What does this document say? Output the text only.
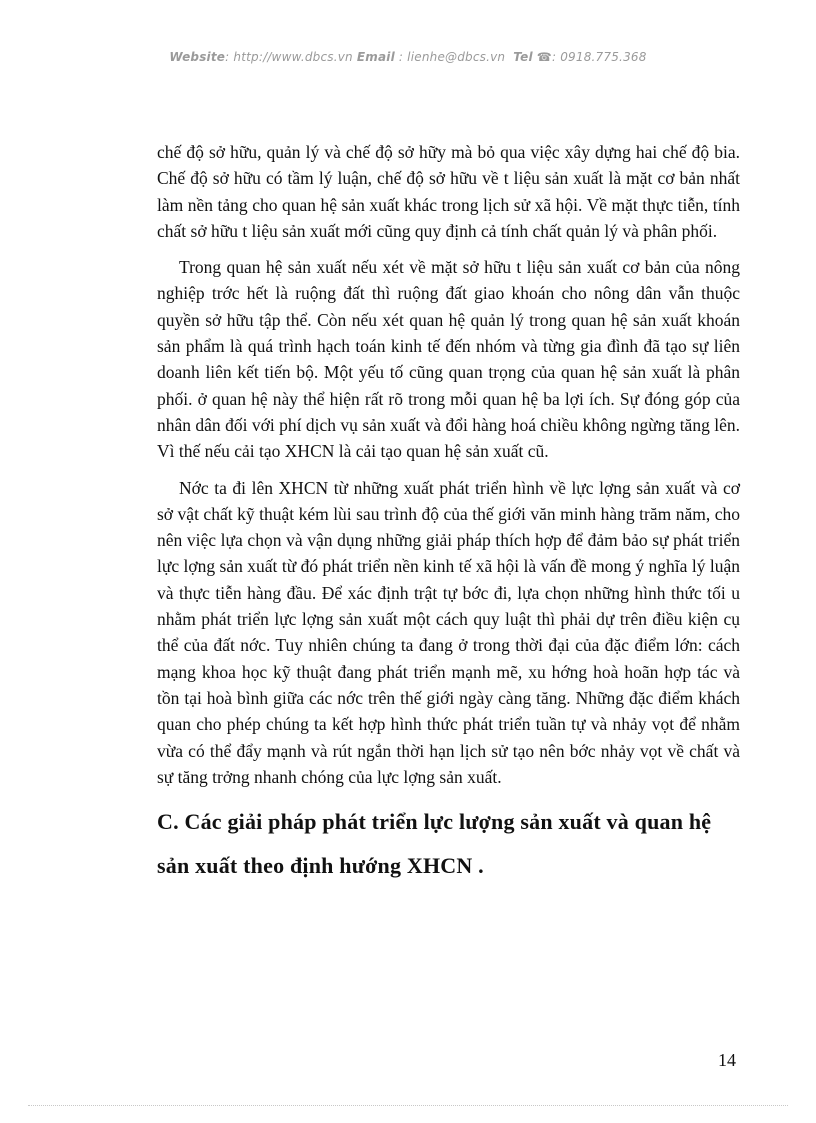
Website: http://www.dbcs.vn Email : lienhe@dbcs.vn Tel ☎: 0918.775.368

chế độ sở hữu, quản lý và chế độ sở hữy mà bỏ qua việc xây dựng hai chế độ bia. Chế độ sở hữu có tầm lý luận, chế độ sở hữu về t liệu sản xuất là mặt cơ bản nhất làm nền tảng cho quan hệ sản xuất khác trong lịch sử xã hội. Về mặt thực tiễn, tính chất sở hữu t liệu sản xuất mới cũng quy định cả tính chất quản lý và phân phối.

Trong quan hệ sản xuất nếu xét về mặt sở hữu t liệu sản xuất cơ bản của nông nghiệp trớc hết là ruộng đất thì ruộng đất giao khoán cho nông dân vẫn thuộc quyền sở hữu tập thể. Còn nếu xét quan hệ quản lý trong quan hệ sản xuất khoán sản phẩm là quá trình hạch toán kinh tế đến nhóm và từng gia đình đã tạo sự liên doanh liên kết tiến bộ. Một yếu tố cũng quan trọng của quan hệ sản xuất là phân phối. ở quan hệ này thể hiện rất rõ trong mỗi quan hệ ba lợi ích. Sự đóng góp của nhân dân đối với phí dịch vụ sản xuất và đổi hàng hoá chiều không ngừng tăng lên. Vì thế nếu cải tạo XHCN là cải tạo quan hệ sản xuất cũ.

Nớc ta đi lên XHCN từ những xuất phát triển hình về lực lợng sản xuất và cơ sở vật chất kỹ thuật kém lùi sau trình độ của thế giới văn minh hàng trăm năm, cho nên việc lựa chọn và vận dụng những giải pháp thích hợp để đảm bảo sự phát triển lực lợng sản xuất từ đó phát triển nền kinh tế xã hội là vấn đề mong ý nghĩa lý luận và thực tiễn hàng đầu. Để xác định trật tự bớc đi, lựa chọn những hình thức tối u nhằm phát triển lực lợng sản xuất một cách quy luật thì phải dự trên điều kiện cụ thể của đất nớc. Tuy nhiên chúng ta đang ở trong thời đại của đặc điểm lớn: cách mạng khoa học kỹ thuật đang phát triển mạnh mẽ, xu hớng hoà hoãn hợp tác và tồn tại hoà bình giữa các nớc trên thế giới ngày càng tăng. Những đặc điểm khách quan cho phép chúng ta kết hợp hình thức phát triển tuần tự và nhảy vọt để nhằm vừa có thể đẩy mạnh và rút ngắn thời hạn lịch sử tạo nên bớc nhảy vọt về chất và sự tăng trởng nhanh chóng của lực lợng sản xuất.

C. Các giải pháp phát triển lực lượng sản xuất và quan hệ sản xuất theo định hướng XHCN .
14
